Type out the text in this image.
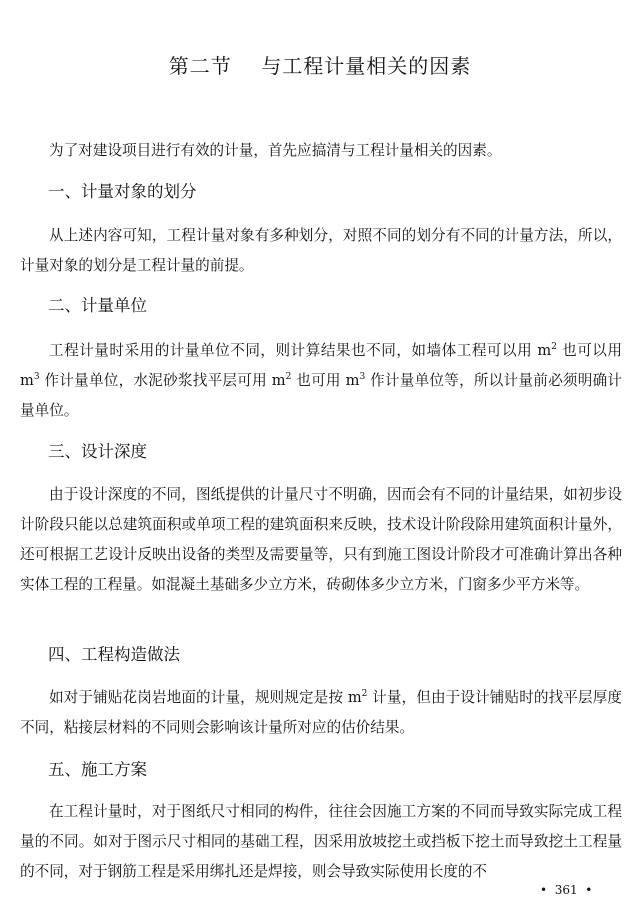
第二节    与工程计量相关的因素

为了对建设项目进行有效的计量，首先应搞清与工程计量相关的因素。

一、计量对象的划分

从上述内容可知，工程计量对象有多种划分，对照不同的划分有不同的计量方法，所以，计量对象的划分是工程计量的前提。

二、计量单位

工程计量时采用的计量单位不同，则计算结果也不同，如墙体工程可以用 $m^2$ 也可以用 $m^3$ 作计量单位，水泥砂浆找平层可用 $m^2$ 也可用 $m^3$ 作计量单位等，所以计量前必须明确计量单位。

三、设计深度

由于设计深度的不同，图纸提供的计量尺寸不明确，因而会有不同的计量结果，如初步设计阶段只能以总建筑面积或单项工程的建筑面积来反映，技术设计阶段除用建筑面积计量外，还可根据工艺设计反映出设备的类型及需要量等，只有到施工图设计阶段才可准确计算出各种实体工程的工程量。如混凝土基础多少立方米，砖砌体多少立方米，门窗多少平方米等。

四、工程构造做法

如对于铺贴花岗岩地面的计量，规则规定是按 $m^2$ 计量，但由于设计铺贴时的找平层厚度不同，粘接层材料的不同则会影响该计量所对应的估价结果。

五、施工方案

在工程计量时，对于图纸尺寸相同的构件，往往会因施工方案的不同而导致实际完成工程量的不同。如对于图示尺寸相同的基础工程，因采用放坡挖土或挡板下挖土而导致挖土工程量的不同，对于钢筋工程是采用绑扎还是焊接，则会导致实际使用长度的不

•  361  •
